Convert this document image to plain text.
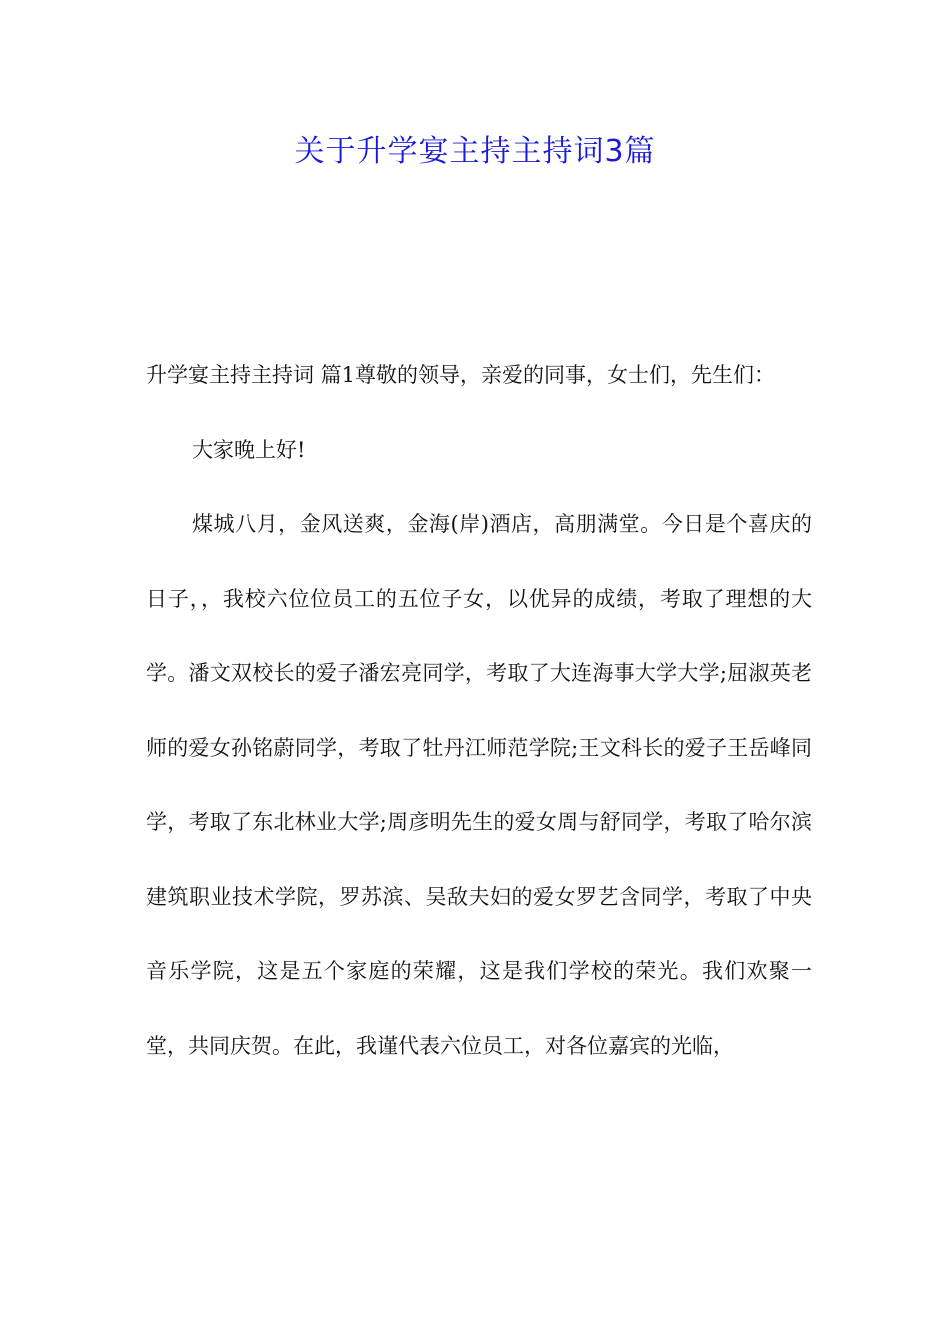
关于升学宴主持主持词3篇

升学宴主持主持词 篇1尊敬的领导，亲爱的同事，女士们，先生们：

大家晚上好!

煤城八月，金风送爽，金海(岸)酒店，高朋满堂。今日是个喜庆的日子，，我校六位位员工的五位子女，以优异的成绩，考取了理想的大学。潘文双校长的爱子潘宏亮同学，考取了大连海事大学大学;屈淑英老师的爱女孙铭蔚同学，考取了牡丹江师范学院;王文科长的爱子王岳峰同学，考取了东北林业大学;周彦明先生的爱女周与舒同学，考取了哈尔滨建筑职业技术学院，罗苏滨、吴敌夫妇的爱女罗艺含同学，考取了中央音乐学院，这是五个家庭的荣耀，这是我们学校的荣光。我们欢聚一堂，共同庆贺。在此，我谨代表六位员工，对各位嘉宾的光临，
